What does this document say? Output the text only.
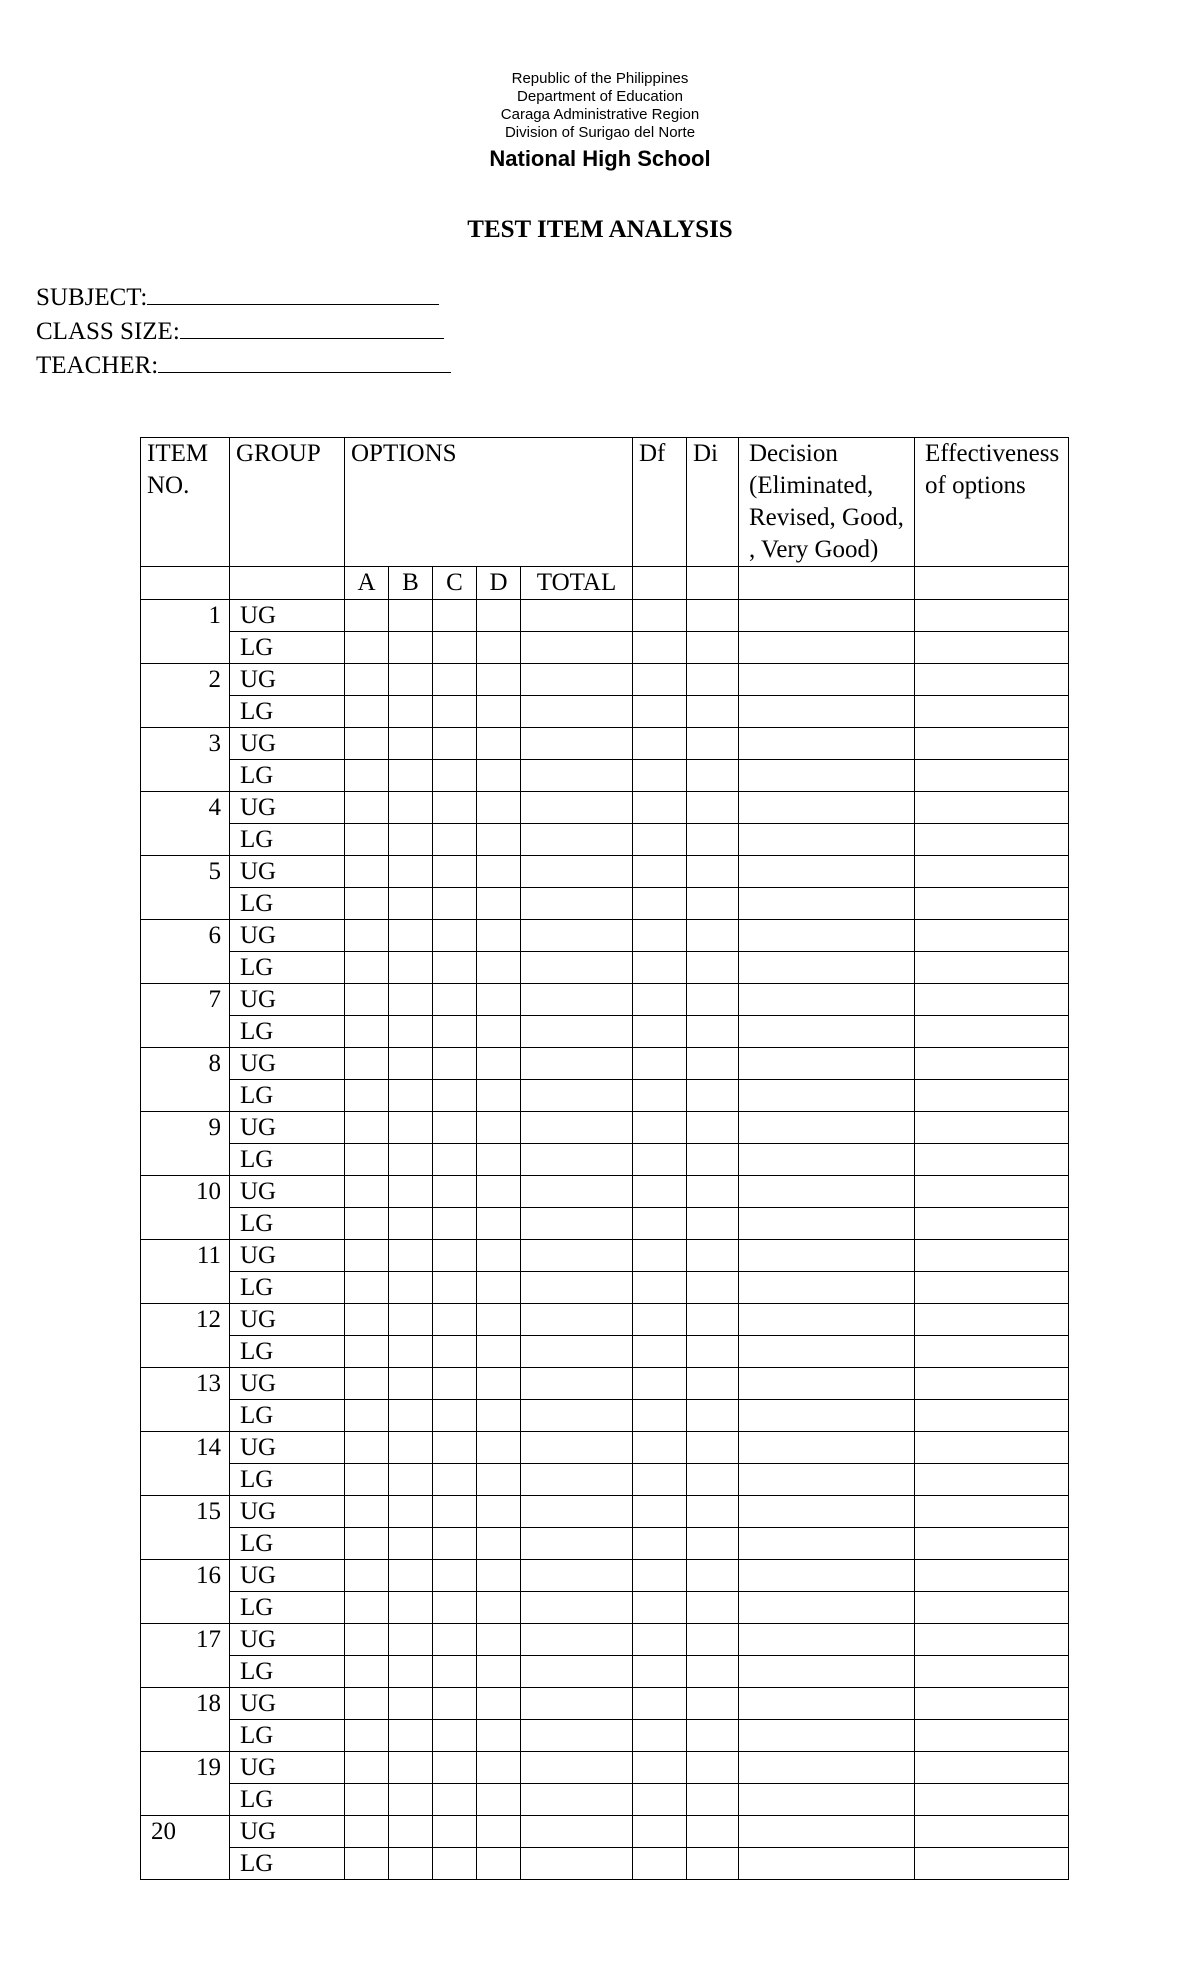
Republic of the Philippines
Department of Education
Caraga Administrative Region
Division of Surigao del Norte
National High School
TEST ITEM ANALYSIS
SUBJECT:
CLASS SIZE:
TEACHER:
ITEM NO.	GROUP	OPTIONS					Df	Di	Decision (Eliminated, Revised, Good, , Very Good)	Effectiveness of options
		A	B	C	D	TOTAL				
1	UG									
	LG									
2	UG									
	LG									
3	UG									
	LG									
4	UG									
	LG									
5	UG									
	LG									
6	UG									
	LG									
7	UG									
	LG									
8	UG									
	LG									
9	UG									
	LG									
10	UG									
	LG									
11	UG									
	LG									
12	UG									
	LG									
13	UG									
	LG									
14	UG									
	LG									
15	UG									
	LG									
16	UG									
	LG									
17	UG									
	LG									
18	UG									
	LG									
19	UG									
	LG									
20	UG									
	LG									
